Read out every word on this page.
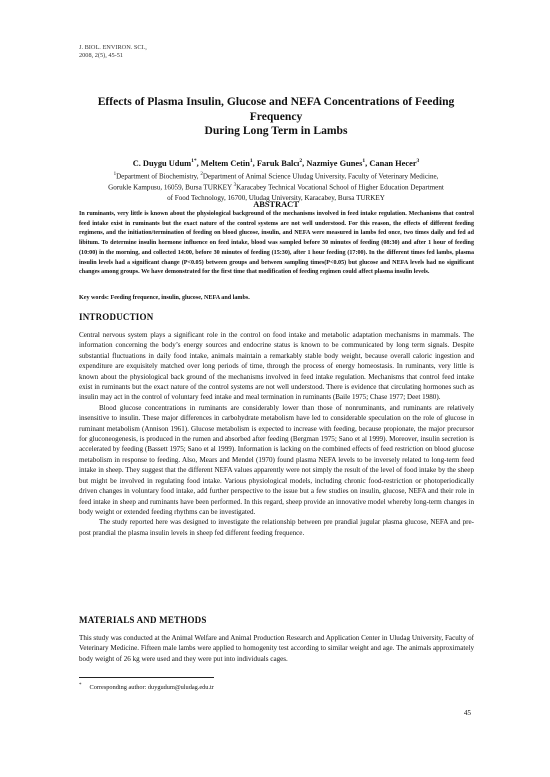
J. BIOL. ENVIRON. SCI.,
2008, 2(5), 45-51
Effects of Plasma Insulin, Glucose and NEFA Concentrations of Feeding Frequency
During Long Term in Lambs
C. Duygu Udum$^{1*}$, Meltem Cetin$^1$, Faruk Balcı$^2$, Nazmiye Gunes$^1$, Canan Hecer$^3$
$^1$Department of Biochemistry, $^2$Department of Animal Science Uludag University, Faculty of Veterinary Medicine,
Gorukle Kampusu, 16059, Bursa TURKEY $^3$Karacabey Technical Vocational School of Higher Education Department
of Food Technology, 16700, Uludag University, Karacabey, Bursa TURKEY
ABSTRACT
In ruminants, very little is known about the physiological background of the mechanisms involved in feed intake regulation. Mechanisms that control feed intake exist in ruminants but the exact nature of the control systems are not well understood. For this reason, the effects of different feeding regimens, and the initiation/termination of feeding on blood glucose, insulin, and NEFA were measured in lambs fed once, two times daily and fed ad libitum. To determine insulin hormone influence on feed intake, blood was sampled before 30 minutes of feeding (08:30) and after 1 hour of feeding (10:00) in the morning, and collected 14:00, before 30 minutes of feeding (15:30), after 1 hour feeding (17:00). In the different times fed lambs, plasma insulin levels had a significant change (P<0.05) between groups and between sampling times(P<0.05) but glucose and NEFA levels had no significant changes among groups. We have demonstrated for the first time that modification of feeding regimen could affect plasma insulin levels.
Key words: Feeding frequence, insulin, glucose, NEFA and lambs.
INTRODUCTION

Central nervous system plays a significant role in the control on food intake and metabolic adaptation mechanisms in mammals. The information concerning the body’s energy sources and endocrine status is known to be communicated by long term signals. Despite substantial fluctuations in daily food intake, animals maintain a remarkably stable body weight, because overall caloric ingestion and expenditure are exquisitely matched over long periods of time, through the process of energy homeostasis. In ruminants, very little is known about the physiological back ground of the mechanisms involved in feed intake regulation. Mechanisms that control feed intake exist in ruminants but the exact nature of the control systems are not well understood. There is evidence that circulating hormones such as insulin may act in the control of voluntary feed intake and meal termination in ruminants (Baile 1975; Chase 1977; Deet 1980).

Blood glucose concentrations in ruminants are considerably lower than those of nonruminants, and ruminants are relatively insensitive to insulin. These major differences in carbohydrate metabolism have led to considerable speculation on the role of glucose in ruminant metabolism (Annison 1961). Glucose metabolism is expected to increase with feeding, because propionate, the major precursor for gluconeogenesis, is produced in the rumen and absorbed after feeding (Bergman 1975; Sano et al 1999). Moreover, insulin secretion is accelerated by feeding (Bassett 1975; Sano et al 1999). Information is lacking on the combined effects of feed restriction on blood glucose metabolism in response to feeding. Also, Mears and Mendel (1970) found plasma NEFA levels to be inversely related to long-term feed intake in sheep. They suggest that the different NEFA values apparently were not simply the result of the level of food intake by the sheep but might be involved in regulating food intake. Various physiological models, including chronic food-restriction or photoperiodically driven changes in voluntary food intake, add further perspective to the issue but a few studies on insulin, glucose, NEFA and their role in feed intake in sheep and ruminants have been performed. In this regard, sheep provide an innovative model whereby long-term changes in body weight or extended feeding rhythms can be investigated.

The study reported here was designed to investigate the relationship between pre prandial jugular plasma glucose, NEFA and pre-post prandial the plasma insulin levels in sheep fed different feeding frequence.

MATERIALS AND METHODS

This study was conducted at the Animal Welfare and Animal Production Research and Application Center in Uludag University, Faculty of Veterinary Medicine. Fifteen male lambs were applied to homogenity test according to similar weight and age. The animals approximately body weight of 26 kg were used and they were put into individuals cages.

* Corresponding author: duygudum@uludag.edu.tr
45
